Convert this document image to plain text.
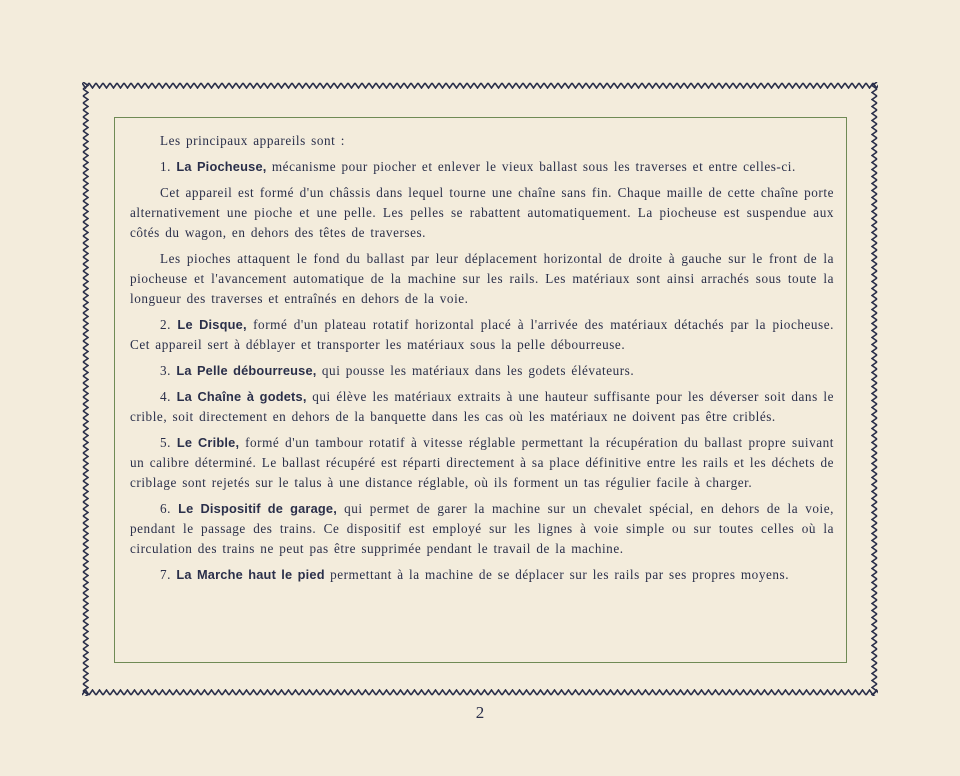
Les principaux appareils sont :

1. La Piocheuse, mécanisme pour piocher et enlever le vieux ballast sous les traverses et entre celles-ci.

Cet appareil est formé d'un châssis dans lequel tourne une chaîne sans fin. Chaque maille de cette chaîne porte alternativement une pioche et une pelle. Les pelles se rabattent automatiquement. La piocheuse est suspendue aux côtés du wagon, en dehors des têtes de traverses.

Les pioches attaquent le fond du ballast par leur déplacement horizontal de droite à gauche sur le front de la piocheuse et l'avancement automatique de la machine sur les rails. Les matériaux sont ainsi arrachés sous toute la longueur des traverses et entraînés en dehors de la voie.

2. Le Disque, formé d'un plateau rotatif horizontal placé à l'arrivée des matériaux détachés par la piocheuse. Cet appareil sert à déblayer et transporter les matériaux sous la pelle débourreuse.

3. La Pelle débourreuse, qui pousse les matériaux dans les godets élévateurs.

4. La Chaîne à godets, qui élève les matériaux extraits à une hauteur suffisante pour les déverser soit dans le crible, soit directement en dehors de la banquette dans les cas où les matériaux ne doivent pas être criblés.

5. Le Crible, formé d'un tambour rotatif à vitesse réglable permettant la récupération du ballast propre suivant un calibre déterminé. Le ballast récupéré est réparti directement à sa place définitive entre les rails et les déchets de criblage sont rejetés sur le talus à une distance réglable, où ils forment un tas régulier facile à charger.

6. Le Dispositif de garage, qui permet de garer la machine sur un chevalet spécial, en dehors de la voie, pendant le passage des trains. Ce dispositif est employé sur les lignes à voie simple ou sur toutes celles où la circulation des trains ne peut pas être supprimée pendant le travail de la machine.

7. La Marche haut le pied permettant à la machine de se déplacer sur les rails par ses propres moyens.

2
